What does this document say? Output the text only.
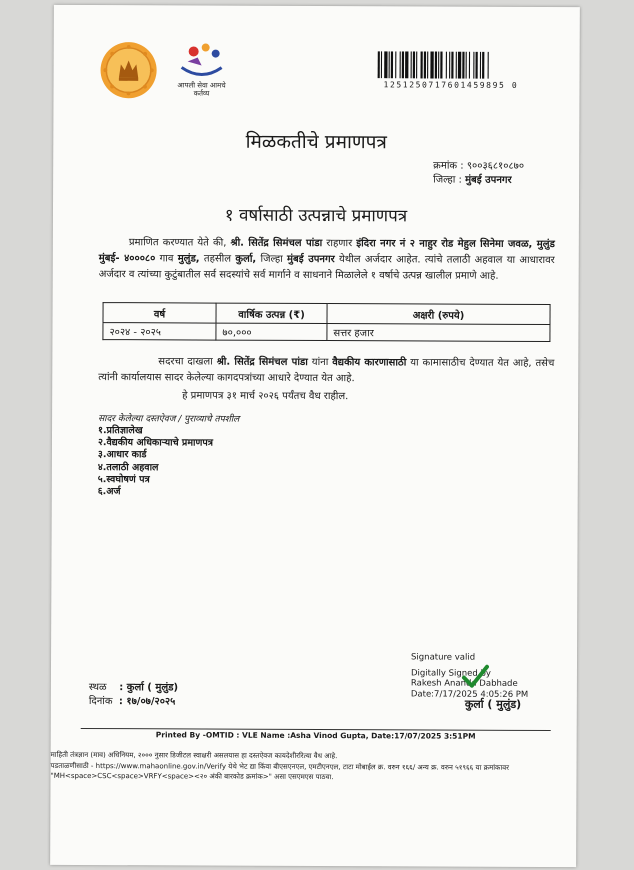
आपली सेवा आमचे कर्तव्य
1251250717601459895 0
मिळकतीचे प्रमाणपत्र
क्रमांक : ९००३६८१०८७०
जिल्हा : मुंबई उपनगर
१ वर्षासाठी उत्पन्नाचे प्रमाणपत्र
प्रमाणित करण्यात येते की, श्री. सितेंद्र सिमंचल पांडा राहणार इंदिरा नगर नं २ नाहुर रोड मेहुल सिनेमा जवळ, मुलुंड मुंबई- ४०००८० गाव मुलुंड, तहसील कुर्ला, जिल्हा मुंबई उपनगर येथील अर्जदार आहेत. त्यांचे तलाठी अहवाल या आधारावर अर्जदार व त्यांच्या कुटुंबातील सर्व सदस्यांचे सर्व मार्गाने व साधनाने मिळालेले १ वर्षाचे उत्पन्न खालील प्रमाणे आहे.
वर्ष	वार्षिक उत्पन्न (₹)	अक्षरी (रुपये)
२०२४ - २०२५	७०,०००	सत्तर हजार
सदरचा दाखला श्री. सितेंद्र सिमंचल पांडा यांना वैद्यकीय कारणासाठी या कामासाठीच देण्यात येत आहे, तसेच त्यांनी कार्यालयास सादर केलेल्या कागदपत्रांच्या आधारे देण्यात येत आहे.
हे प्रमाणपत्र ३१ मार्च २०२६ पर्यंतच वैध राहील.
सादर केलेल्या दस्तऐवज / पुराव्याचे तपशील
१.प्रतिज्ञालेख
२.वैद्यकीय अधिकाऱ्याचे प्रमाणपत्र
३.आधार कार्ड
४.तलाठी अहवाल
५.स्वघोषणं पत्र
६.अर्ज
Signature valid
Digitally Signed by
Rakesh Ananda Dabhade
Date:7/17/2025 4:05:26 PM
कुर्ला ( मुलुंड)
स्थळ : कुर्ला ( मुलुंड)
दिनांक : १७/०७/२०२५
Printed By -OMTID : VLE Name :Asha Vinod Gupta, Date:17/07/2025 3:51PM
माहिती तंत्रज्ञान (माव) अधिनियम, २००० नुसार डिजीटल स्वाक्षरी असलयास हा दस्तऐवज कायदेशीररित्या वैध आहे.
पडताळणीसाठी - https://www.mahaonline.gov.in/Verify येथे भेट द्या किंवा बीएसएनएल, एमटीएनएल, टाटा मोबाईल क्र. वरुन १६६/ अन्य क्र. वरुन ५१९६६ या क्रमांकावर
"MH<space>CSC<space>VRFY<space><२० अंकी बारकोड क्रमांक>" असा एसएमएस पाठवा.
